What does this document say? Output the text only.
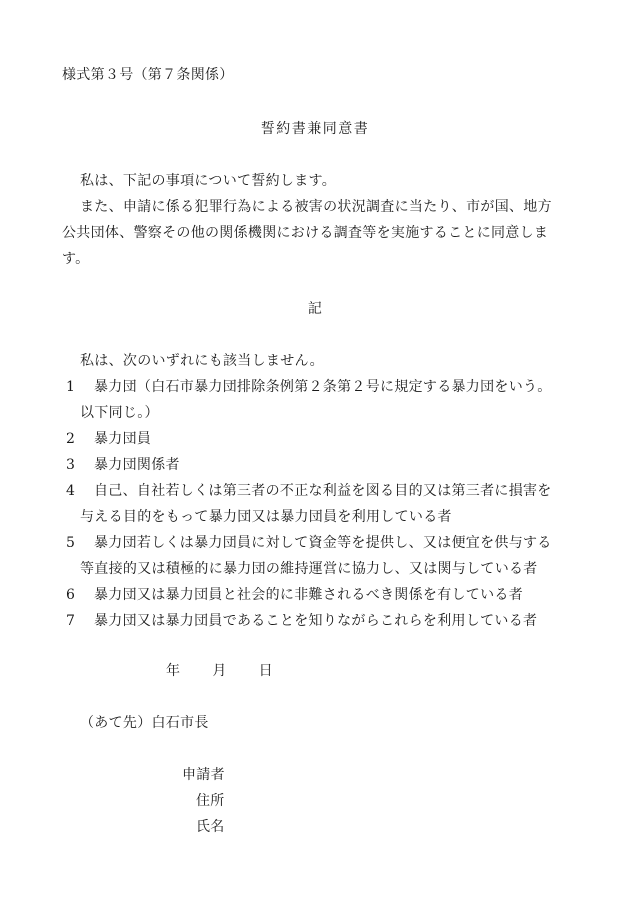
様式第３号（第７条関係）
誓約書兼同意書
私は、下記の事項について誓約します。
また、申請に係る犯罪行為による被害の状況調査に当たり、市が国、地方
公共団体、警察その他の関係機関における調査等を実施することに同意しま
す。
記
私は、次のいずれにも該当しません。
1 暴力団（白石市暴力団排除条例第２条第２号に規定する暴力団をいう。
以下同じ。）
2 暴力団員
3 暴力団関係者
4 自己、自社若しくは第三者の不正な利益を図る目的又は第三者に損害を
与える目的をもって暴力団又は暴力団員を利用している者
5 暴力団若しくは暴力団員に対して資金等を提供し、又は便宜を供与する
等直接的又は積極的に暴力団の維持運営に協力し、又は関与している者
6 暴力団又は暴力団員と社会的に非難されるべき関係を有している者
7 暴力団又は暴力団員であることを知りながらこれらを利用している者
年 月 日
（あて先）白石市長
申請者
住所
氏名
